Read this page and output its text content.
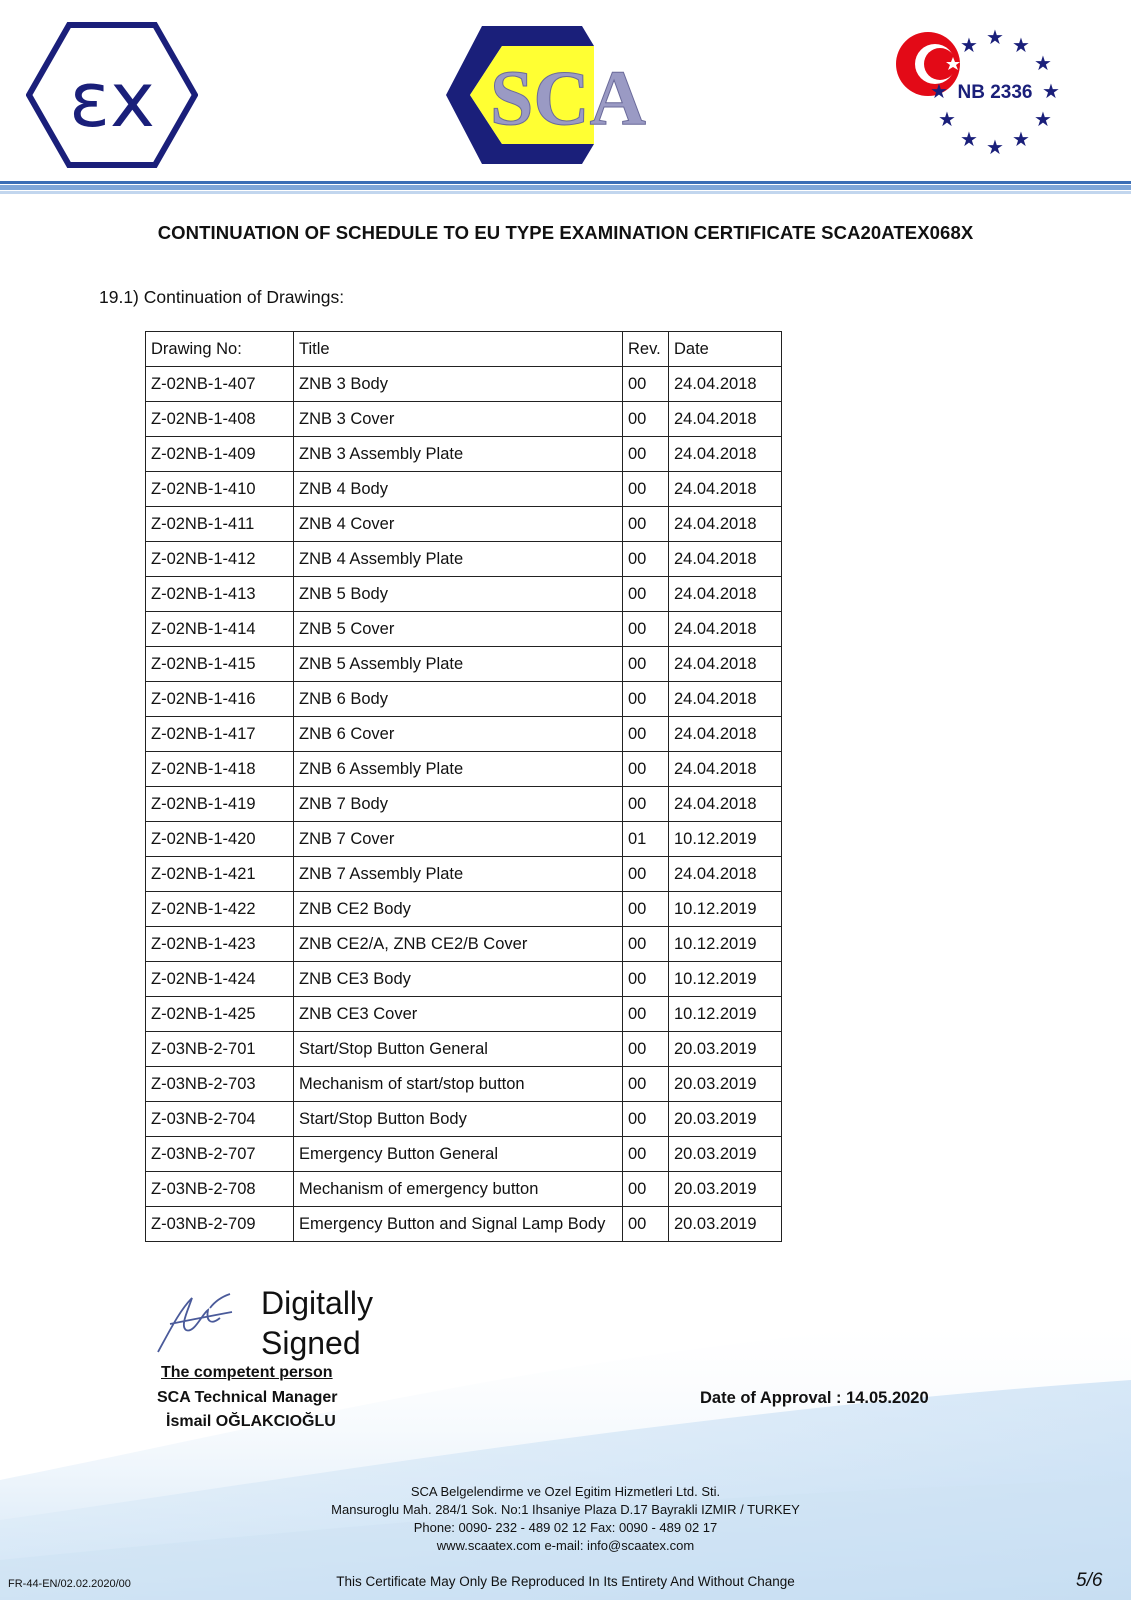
εx	SCA
★ ★ ★
★
★
★
★
★
★
★
★ NB 2336
CONTINUATION OF SCHEDULE TO EU TYPE EXAMINATION CERTIFICATE SCA20ATEX068X
19.1) Continuation of Drawings:
Drawing No:	Title	Rev.	Date
Z-02NB-1-407	ZNB 3 Body	00	24.04.2018
Z-02NB-1-408	ZNB 3 Cover	00	24.04.2018
Z-02NB-1-409	ZNB 3 Assembly Plate	00	24.04.2018
Z-02NB-1-410	ZNB 4 Body	00	24.04.2018
Z-02NB-1-411	ZNB 4 Cover	00	24.04.2018
Z-02NB-1-412	ZNB 4 Assembly Plate	00	24.04.2018
Z-02NB-1-413	ZNB 5 Body	00	24.04.2018
Z-02NB-1-414	ZNB 5 Cover	00	24.04.2018
Z-02NB-1-415	ZNB 5 Assembly Plate	00	24.04.2018
Z-02NB-1-416	ZNB 6 Body	00	24.04.2018
Z-02NB-1-417	ZNB 6 Cover	00	24.04.2018
Z-02NB-1-418	ZNB 6 Assembly Plate	00	24.04.2018
Z-02NB-1-419	ZNB 7 Body	00	24.04.2018
Z-02NB-1-420	ZNB 7 Cover	01	10.12.2019
Z-02NB-1-421	ZNB 7 Assembly Plate	00	24.04.2018
Z-02NB-1-422	ZNB CE2 Body	00	10.12.2019
Z-02NB-1-423	ZNB CE2/A, ZNB CE2/B Cover	00	10.12.2019
Z-02NB-1-424	ZNB CE3 Body	00	10.12.2019
Z-02NB-1-425	ZNB CE3 Cover	00	10.12.2019
Z-03NB-2-701	Start/Stop Button General	00	20.03.2019
Z-03NB-2-703	Mechanism of start/stop button	00	20.03.2019
Z-03NB-2-704	Start/Stop Button Body	00	20.03.2019
Z-03NB-2-707	Emergency Button General	00	20.03.2019
Z-03NB-2-708	Mechanism of emergency button	00	20.03.2019
Z-03NB-2-709	Emergency Button and Signal Lamp Body	00	20.03.2019
Digitally
Signed
The competent person
SCA Technical Manager
İsmail OĞLAKCIOĞLU
Date of Approval : 14.05.2020
SCA Belgelendirme ve Ozel Egitim Hizmetleri Ltd. Sti.
Mansuroglu Mah. 284/1 Sok. No:1 Ihsaniye Plaza D.17 Bayrakli IZMIR / TURKEY
Phone: 0090- 232 - 489 02 12 Fax: 0090 - 489 02 17
www.scaatex.com e-mail: info@scaatex.com
FR-44-EN/02.02.2020/00	This Certificate May Only Be Reproduced In Its Entirety And Without Change	5/6
